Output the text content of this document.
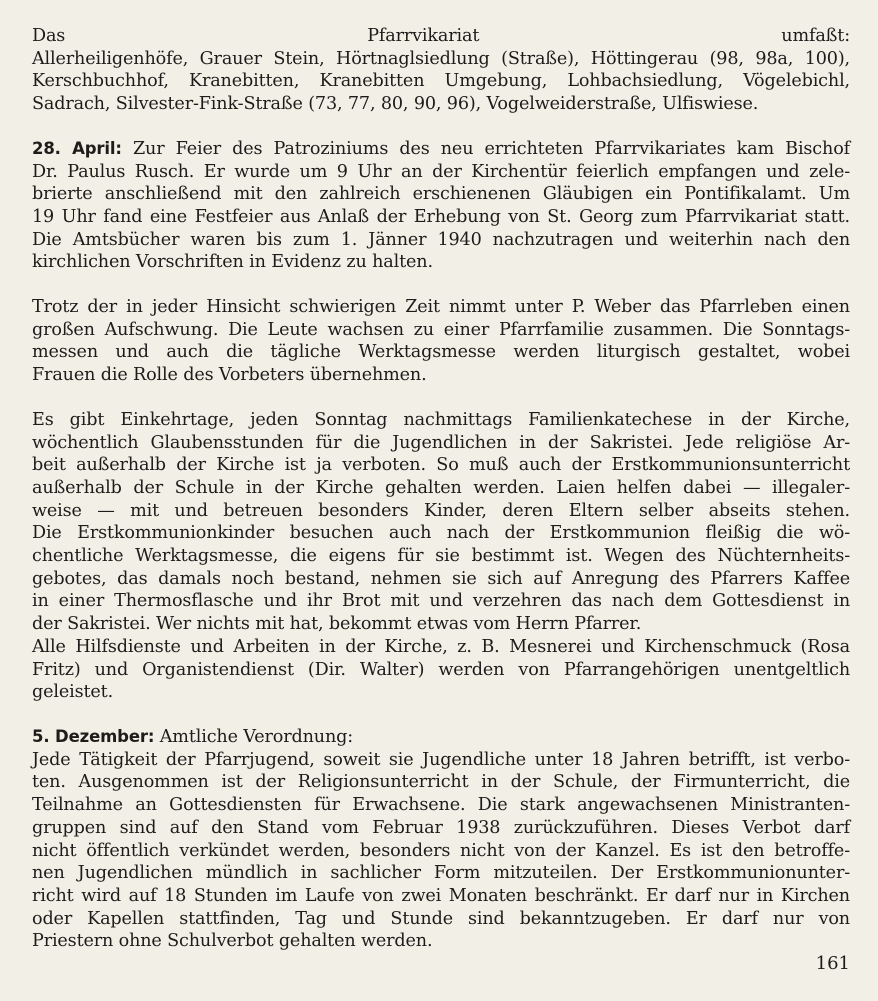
Das Pfarrvikariat umfaßt:
Allerheiligenhöfe, Grauer Stein, Hörtnaglsiedlung (Straße), Höttingerau (98, 98a, 100),
Kerschbuchhof, Kranebitten, Kranebitten Umgebung, Lohbachsiedlung, Vögelebichl,
Sadrach, Silvester-Fink-Straße (73, 77, 80, 90, 96), Vogelweiderstraße, Ulfiswiese.

28. April: Zur Feier des Patroziniums des neu errichteten Pfarrvikariates kam Bischof
Dr. Paulus Rusch. Er wurde um 9 Uhr an der Kirchentür feierlich empfangen und zele-
brierte anschließend mit den zahlreich erschienenen Gläubigen ein Pontifikalamt. Um
19 Uhr fand eine Festfeier aus Anlaß der Erhebung von St. Georg zum Pfarrvikariat statt.
Die Amtsbücher waren bis zum 1. Jänner 1940 nachzutragen und weiterhin nach den
kirchlichen Vorschriften in Evidenz zu halten.

Trotz der in jeder Hinsicht schwierigen Zeit nimmt unter P. Weber das Pfarrleben einen
großen Aufschwung. Die Leute wachsen zu einer Pfarrfamilie zusammen. Die Sonntags-
messen und auch die tägliche Werktagsmesse werden liturgisch gestaltet, wobei
Frauen die Rolle des Vorbeters übernehmen.

Es gibt Einkehrtage, jeden Sonntag nachmittags Familienkatechese in der Kirche,
wöchentlich Glaubensstunden für die Jugendlichen in der Sakristei. Jede religiöse Ar-
beit außerhalb der Kirche ist ja verboten. So muß auch der Erstkommunionsunterricht
außerhalb der Schule in der Kirche gehalten werden. Laien helfen dabei — illegaler-
weise — mit und betreuen besonders Kinder, deren Eltern selber abseits stehen.
Die Erstkommunionkinder besuchen auch nach der Erstkommunion fleißig die wö-
chentliche Werktagsmesse, die eigens für sie bestimmt ist. Wegen des Nüchternheits-
gebotes, das damals noch bestand, nehmen sie sich auf Anregung des Pfarrers Kaffee
in einer Thermosflasche und ihr Brot mit und verzehren das nach dem Gottesdienst in
der Sakristei. Wer nichts mit hat, bekommt etwas vom Herrn Pfarrer.

Alle Hilfsdienste und Arbeiten in der Kirche, z. B. Mesnerei und Kirchenschmuck (Rosa
Fritz) und Organistendienst (Dir. Walter) werden von Pfarrangehörigen unentgeltlich
geleistet.

5. Dezember: Amtliche Verordnung:
Jede Tätigkeit der Pfarrjugend, soweit sie Jugendliche unter 18 Jahren betrifft, ist verbo-
ten. Ausgenommen ist der Religionsunterricht in der Schule, der Firmunterricht, die
Teilnahme an Gottesdiensten für Erwachsene. Die stark angewachsenen Ministranten-
gruppen sind auf den Stand vom Februar 1938 zurückzuführen. Dieses Verbot darf
nicht öffentlich verkündet werden, besonders nicht von der Kanzel. Es ist den betroffe-
nen Jugendlichen mündlich in sachlicher Form mitzuteilen. Der Erstkommunionunter-
richt wird auf 18 Stunden im Laufe von zwei Monaten beschränkt. Er darf nur in Kirchen
oder Kapellen stattfinden, Tag und Stunde sind bekanntzugeben. Er darf nur von
Priestern ohne Schulverbot gehalten werden.

161
